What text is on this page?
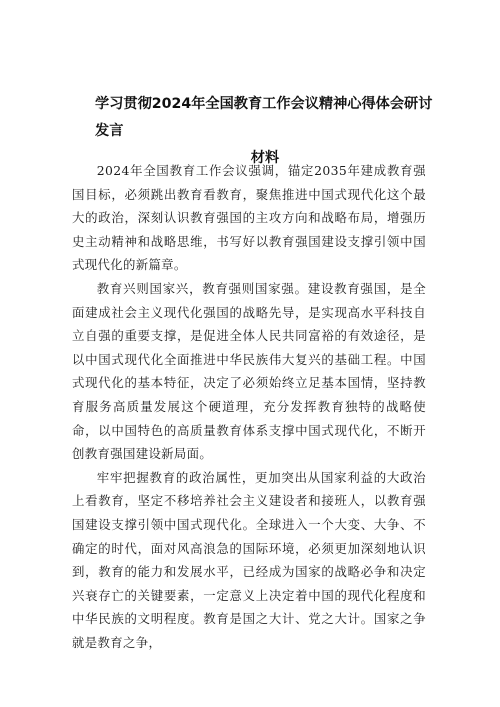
学习贯彻2024年全国教育工作会议精神心得体会研讨发言
材料

2024年全国教育工作会议强调，锚定2035年建成教育强国目标，必须跳出教育看教育，聚焦推进中国式现代化这个最大的政治，深刻认识教育强国的主攻方向和战略布局，增强历史主动精神和战略思维，书写好以教育强国建设支撑引领中国式现代化的新篇章。

教育兴则国家兴，教育强则国家强。建设教育强国，是全面建成社会主义现代化强国的战略先导，是实现高水平科技自立自强的重要支撑，是促进全体人民共同富裕的有效途径，是以中国式现代化全面推进中华民族伟大复兴的基础工程。中国式现代化的基本特征，决定了必须始终立足基本国情，坚持教育服务高质量发展这个硬道理，充分发挥教育独特的战略使命，以中国特色的高质量教育体系支撑中国式现代化，不断开创教育强国建设新局面。

牢牢把握教育的政治属性，更加突出从国家利益的大政治上看教育，坚定不移培养社会主义建设者和接班人，以教育强国建设支撑引领中国式现代化。全球进入一个大变、大争、不确定的时代，面对风高浪急的国际环境，必须更加深刻地认识到，教育的能力和发展水平，已经成为国家的战略必争和决定兴衰存亡的关键要素，一定意义上决定着中国的现代化程度和中华民族的文明程度。教育是国之大计、党之大计。国家之争就是教育之争，
